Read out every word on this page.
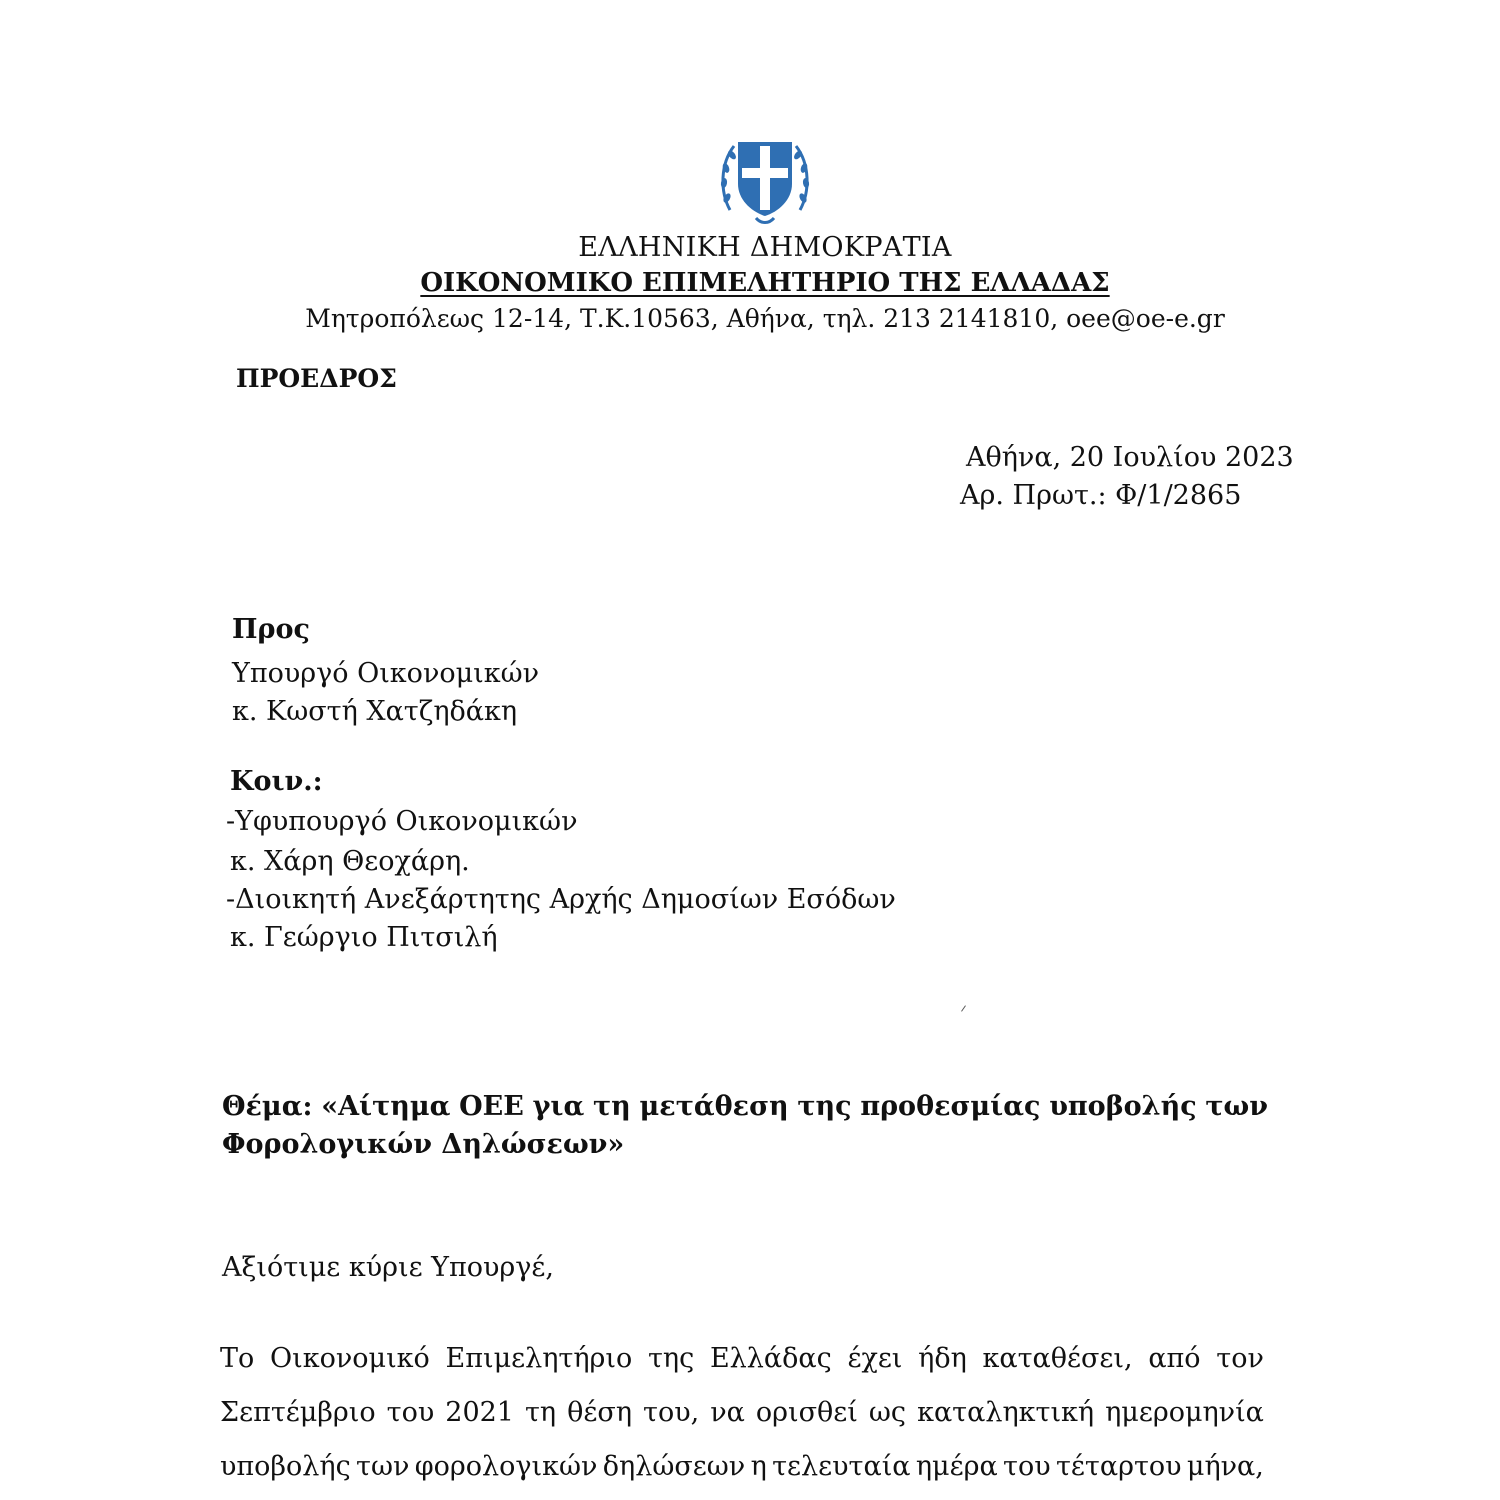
ΕΛΛΗΝΙΚΗ ΔΗΜΟΚΡΑΤΙΑ
ΟΙΚΟΝΟΜΙΚΟ ΕΠΙΜΕΛΗΤΗΡΙΟ ΤΗΣ ΕΛΛΑΔΑΣ
Μητροπόλεως 12-14, Τ.Κ.10563, Αθήνα, τηλ. 213 2141810, oee@oe-e.gr
ΠΡΟΕΔΡΟΣ
Αθήνα, 20 Ιουλίου 2023
Αρ. Πρωτ.: Φ/1/2865
Προς
Υπουργό Οικονομικών
κ. Κωστή Χατζηδάκη
Κοιν.:
-Υφυπουργό Οικονομικών
κ. Χάρη Θεοχάρη.
-Διοικητή Ανεξάρτητης Αρχής Δημοσίων Εσόδων
κ. Γεώργιο Πιτσιλή
Θέμα: «Αίτημα ΟΕΕ για τη μετάθεση της προθεσμίας υποβολής των
Φορολογικών Δηλώσεων»
Αξιότιμε κύριε Υπουργέ,
Το Οικονομικό Επιμελητήριο της Ελλάδας έχει ήδη καταθέσει, από τον
Σεπτέμβριο του 2021 τη θέση του, να ορισθεί ως καταληκτική ημερομηνία
υποβολής των φορολογικών δηλώσεων η τελευταία ημέρα του τέταρτου μήνα,
